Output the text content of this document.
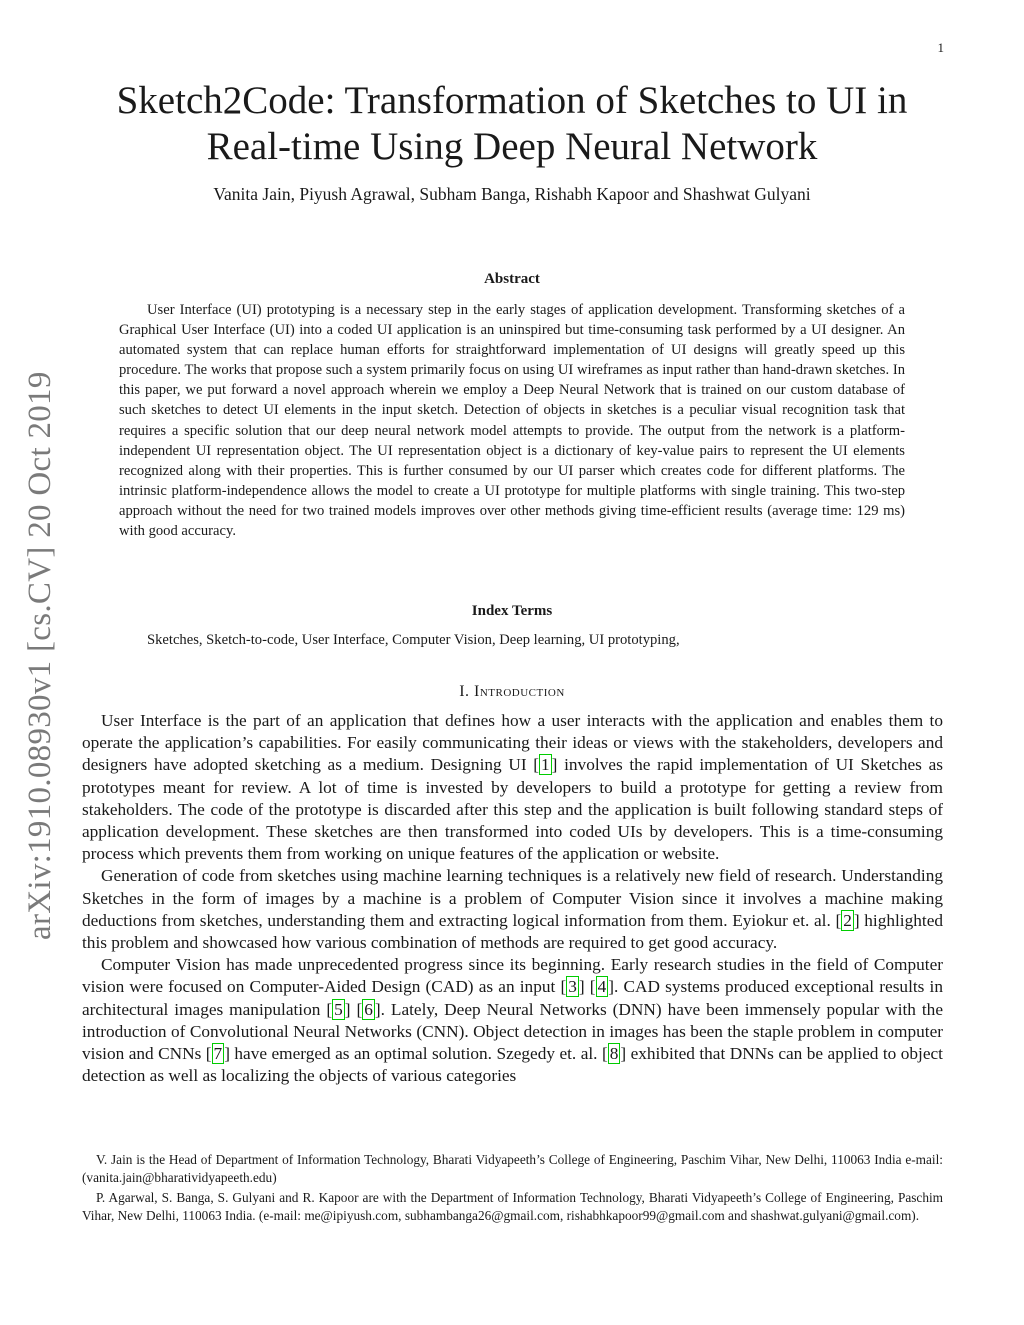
1
arXiv:1910.08930v1 [cs.CV] 20 Oct 2019
Sketch2Code: Transformation of Sketches to UI in Real-time Using Deep Neural Network
Vanita Jain, Piyush Agrawal, Subham Banga, Rishabh Kapoor and Shashwat Gulyani
Abstract

User Interface (UI) prototyping is a necessary step in the early stages of application development. Transforming sketches of a Graphical User Interface (UI) into a coded UI application is an uninspired but time-consuming task performed by a UI designer. An automated system that can replace human efforts for straightforward implementation of UI designs will greatly speed up this procedure. The works that propose such a system primarily focus on using UI wireframes as input rather than hand-drawn sketches. In this paper, we put forward a novel approach wherein we employ a Deep Neural Network that is trained on our custom database of such sketches to detect UI elements in the input sketch. Detection of objects in sketches is a peculiar visual recognition task that requires a specific solution that our deep neural network model attempts to provide. The output from the network is a platform-independent UI representation object. The UI representation object is a dictionary of key-value pairs to represent the UI elements recognized along with their properties. This is further consumed by our UI parser which creates code for different platforms. The intrinsic platform-independence allows the model to create a UI prototype for multiple platforms with single training. This two-step approach without the need for two trained models improves over other methods giving time-efficient results (average time: 129 ms) with good accuracy.

Index Terms

Sketches, Sketch-to-code, User Interface, Computer Vision, Deep learning, UI prototyping,

I. Introduction

User Interface is the part of an application that defines how a user interacts with the application and enables them to operate the application’s capabilities. For easily communicating their ideas or views with the stakeholders, developers and designers have adopted sketching as a medium. Designing UI [ 1 ] involves the rapid implementation of UI Sketches as prototypes meant for review. A lot of time is invested by developers to build a prototype for getting a review from stakeholders. The code of the prototype is discarded after this step and the application is built following standard steps of application development. These sketches are then transformed into coded UIs by developers. This is a time-consuming process which prevents them from working on unique features of the application or website.

Generation of code from sketches using machine learning techniques is a relatively new field of research. Understanding Sketches in the form of images by a machine is a problem of Computer Vision since it involves a machine making deductions from sketches, understanding them and extracting logical information from them. Eyiokur et. al. [ 2 ] highlighted this problem and showcased how various combination of methods are required to get good accuracy.

Computer Vision has made unprecedented progress since its beginning. Early research studies in the field of Computer vision were focused on Computer-Aided Design (CAD) as an input [ 3 ] [ 4 ]. CAD systems produced exceptional results in architectural images manipulation [ 5 ] [ 6 ]. Lately, Deep Neural Networks (DNN) have been immensely popular with the introduction of Convolutional Neural Networks (CNN). Object detection in images has been the staple problem in computer vision and CNNs [ 7 ] have emerged as an optimal solution. Szegedy et. al. [ 8 ] exhibited that DNNs can be applied to object detection as well as localizing the objects of various categories

V. Jain is the Head of Department of Information Technology, Bharati Vidyapeeth’s College of Engineering, Paschim Vihar, New Delhi, 110063 India e-mail: (vanita.jain@bharatividyapeeth.edu)

P. Agarwal, S. Banga, S. Gulyani and R. Kapoor are with the Department of Information Technology, Bharati Vidyapeeth’s College of Engineering, Paschim Vihar, New Delhi, 110063 India. (e-mail: me@ipiyush.com, subhambanga26@gmail.com, rishabhkapoor99@gmail.com and shashwat.gulyani@gmail.com).
